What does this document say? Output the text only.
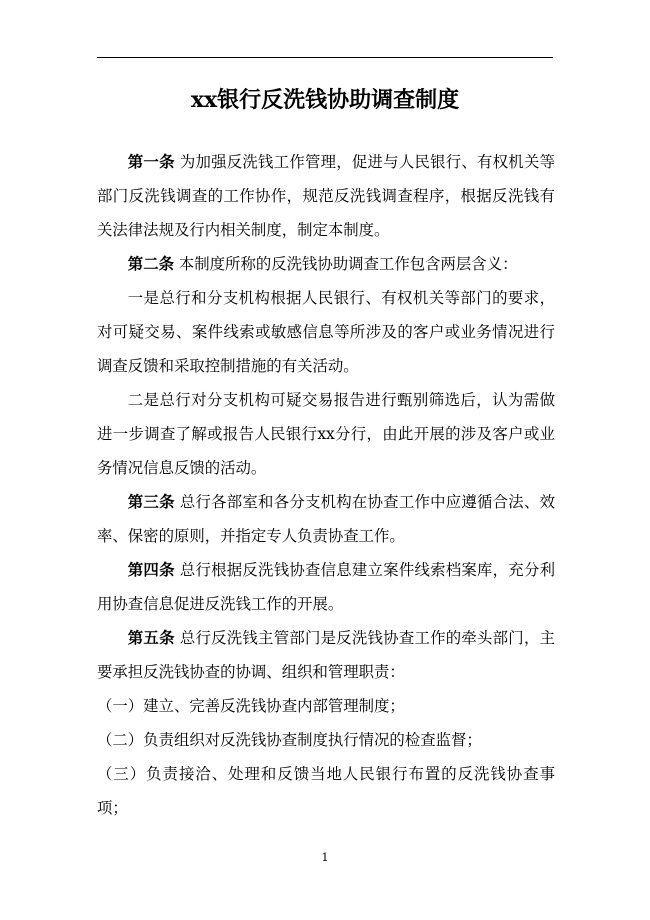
xx银行反洗钱协助调查制度

第一条 为加强反洗钱工作管理，促进与人民银行、有权机关等部门反洗钱调查的工作协作，规范反洗钱调查程序，根据反洗钱有关法律法规及行内相关制度，制定本制度。

第二条 本制度所称的反洗钱协助调查工作包含两层含义：

一是总行和分支机构根据人民银行、有权机关等部门的要求，对可疑交易、案件线索或敏感信息等所涉及的客户或业务情况进行调查反馈和采取控制措施的有关活动。

二是总行对分支机构可疑交易报告进行甄别筛选后，认为需做进一步调查了解或报告人民银行xx分行，由此开展的涉及客户或业务情况信息反馈的活动。

第三条 总行各部室和各分支机构在协查工作中应遵循合法、效率、保密的原则，并指定专人负责协查工作。

第四条 总行根据反洗钱协查信息建立案件线索档案库，充分利用协查信息促进反洗钱工作的开展。

第五条 总行反洗钱主管部门是反洗钱协查工作的牵头部门，主要承担反洗钱协查的协调、组织和管理职责：

（一）建立、完善反洗钱协查内部管理制度；

（二）负责组织对反洗钱协查制度执行情况的检查监督；

（三）负责接洽、处理和反馈当地人民银行布置的反洗钱协查事项；

1
